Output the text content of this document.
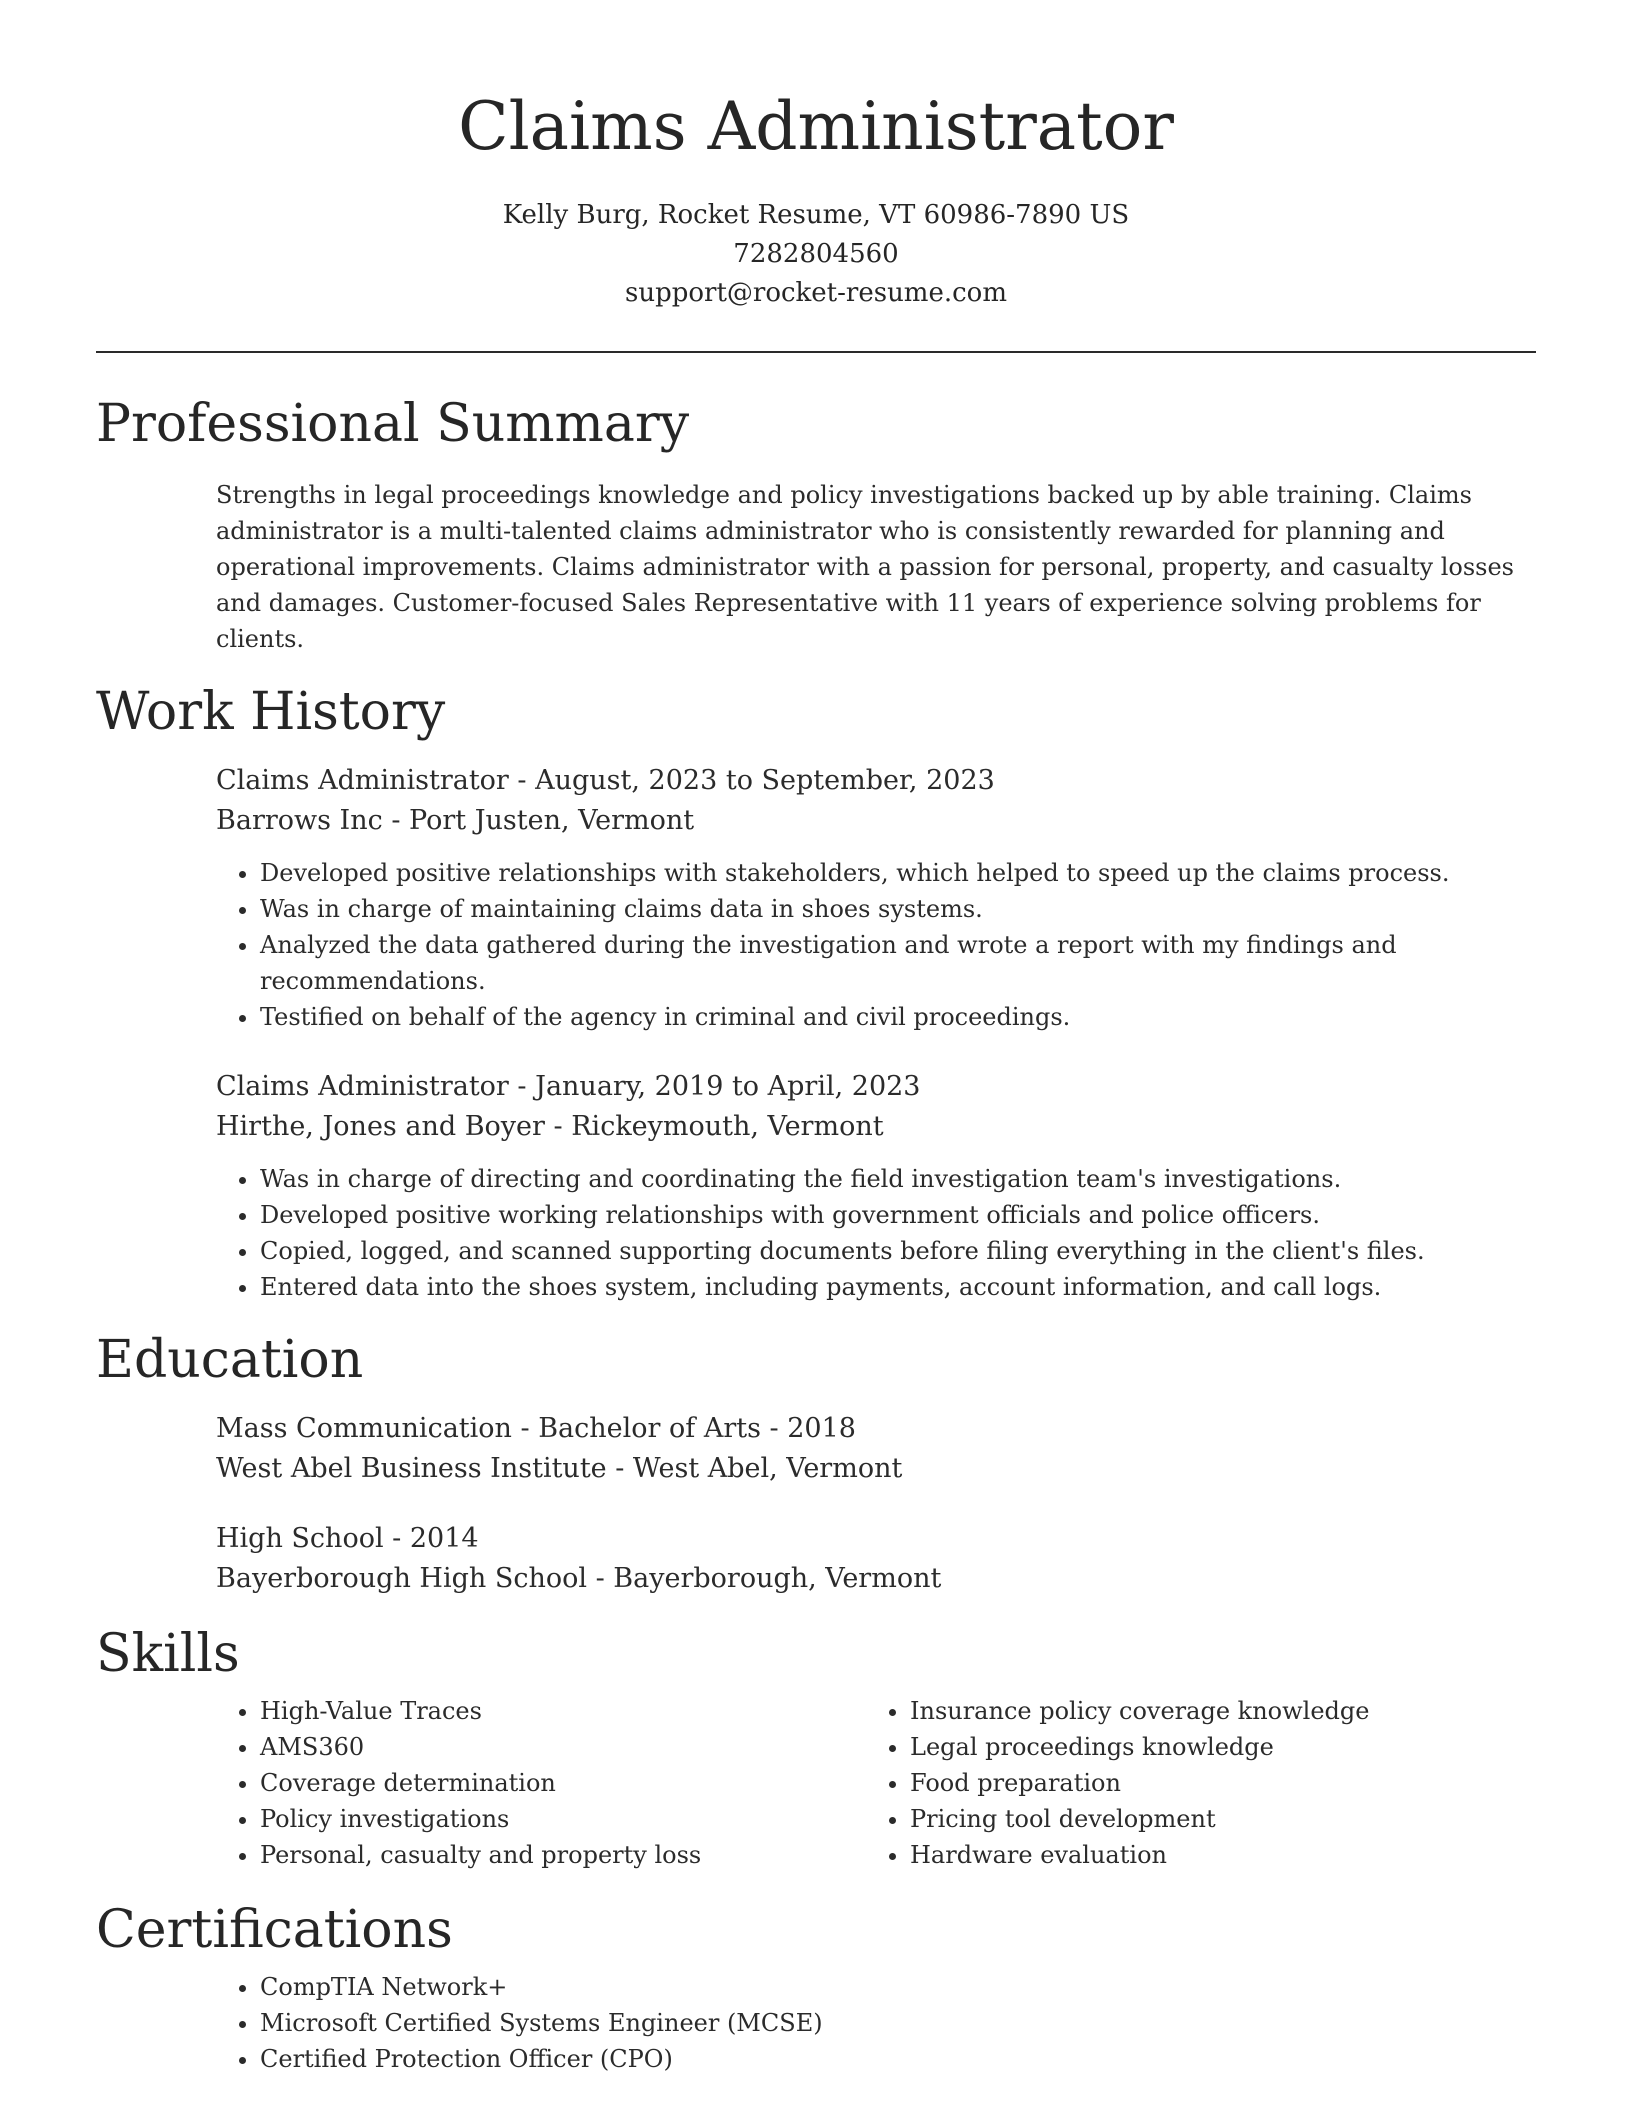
Claims Administrator
Kelly Burg, Rocket Resume, VT 60986-7890 US
7282804560
support@rocket-resume.com
Professional Summary
Strengths in legal proceedings knowledge and policy investigations backed up by able training. Claims administrator is a multi-talented claims administrator who is consistently rewarded for planning and operational improvements. Claims administrator with a passion for personal, property, and casualty losses and damages. Customer-focused Sales Representative with 11 years of experience solving problems for clients.
Work History
Claims Administrator - August, 2023 to September, 2023
Barrows Inc - Port Justen, Vermont
• Developed positive relationships with stakeholders, which helped to speed up the claims process.
• Was in charge of maintaining claims data in shoes systems.
• Analyzed the data gathered during the investigation and wrote a report with my findings and recommendations.
• Testified on behalf of the agency in criminal and civil proceedings.
Claims Administrator - January, 2019 to April, 2023
Hirthe, Jones and Boyer - Rickeymouth, Vermont
• Was in charge of directing and coordinating the field investigation team's investigations.
• Developed positive working relationships with government officials and police officers.
• Copied, logged, and scanned supporting documents before filing everything in the client's files.
• Entered data into the shoes system, including payments, account information, and call logs.
Education
Mass Communication - Bachelor of Arts - 2018
West Abel Business Institute - West Abel, Vermont
High School - 2014
Bayerborough High School - Bayerborough, Vermont
Skills
• High-Value Traces
• AMS360
• Coverage determination
• Policy investigations
• Personal, casualty and property loss
• Insurance policy coverage knowledge
• Legal proceedings knowledge
• Food preparation
• Pricing tool development
• Hardware evaluation
Certifications
• CompTIA Network+
• Microsoft Certified Systems Engineer (MCSE)
• Certified Protection Officer (CPO)
